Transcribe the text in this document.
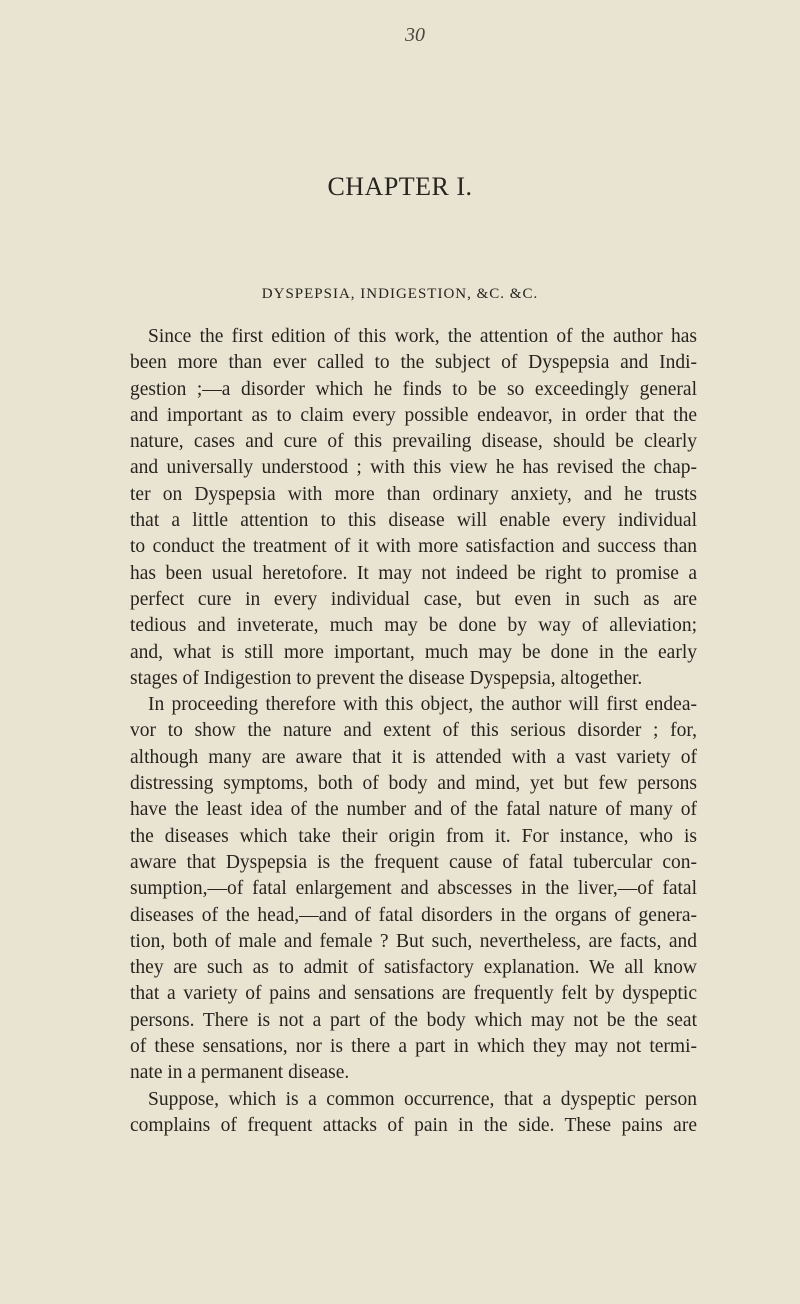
30
CHAPTER I.
DYSPEPSIA, INDIGESTION, &C. &C.
Since the first edition of this work, the attention of the author has
been more than ever called to the subject of Dyspepsia and Indi-
gestion ;—a disorder which he finds to be so exceedingly general
and important as to claim every possible endeavor, in order that the
nature, cases and cure of this prevailing disease, should be clearly
and universally understood ; with this view he has revised the chap-
ter on Dyspepsia with more than ordinary anxiety, and he trusts
that a little attention to this disease will enable every individual
to conduct the treatment of it with more satisfaction and success than
has been usual heretofore. It may not indeed be right to promise a
perfect cure in every individual case, but even in such as are
tedious and inveterate, much may be done by way of alleviation;
and, what is still more important, much may be done in the early
stages of Indigestion to prevent the disease Dyspepsia, altogether.
In proceeding therefore with this object, the author will first endea-
vor to show the nature and extent of this serious disorder ; for,
although many are aware that it is attended with a vast variety of
distressing symptoms, both of body and mind, yet but few persons
have the least idea of the number and of the fatal nature of many of
the diseases which take their origin from it. For instance, who is
aware that Dyspepsia is the frequent cause of fatal tubercular con-
sumption,—of fatal enlargement and abscesses in the liver,—of fatal
diseases of the head,—and of fatal disorders in the organs of genera-
tion, both of male and female ? But such, nevertheless, are facts, and
they are such as to admit of satisfactory explanation. We all know
that a variety of pains and sensations are frequently felt by dyspeptic
persons. There is not a part of the body which may not be the seat
of these sensations, nor is there a part in which they may not termi-
nate in a permanent disease.
Suppose, which is a common occurrence, that a dyspeptic person
complains of frequent attacks of pain in the side. These pains are
